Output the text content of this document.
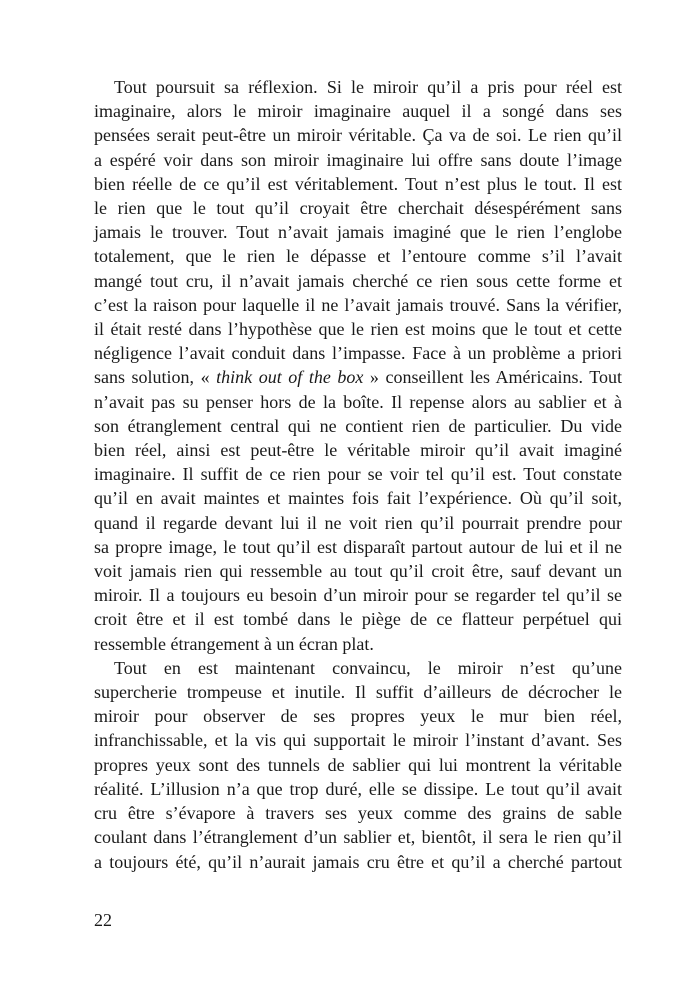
Tout poursuit sa réflexion. Si le miroir qu’il a pris pour réel est
imaginaire, alors le miroir imaginaire auquel il a songé dans ses
pensées serait peut-être un miroir véritable. Ça va de soi. Le rien qu’il
a espéré voir dans son miroir imaginaire lui offre sans doute l’image
bien réelle de ce qu’il est véritablement. Tout n’est plus le tout. Il est
le rien que le tout qu’il croyait être cherchait désespérément sans
jamais le trouver. Tout n’avait jamais imaginé que le rien l’englobe
totalement, que le rien le dépasse et l’entoure comme s’il l’avait
mangé tout cru, il n’avait jamais cherché ce rien sous cette forme et
c’est la raison pour laquelle il ne l’avait jamais trouvé. Sans la vérifier,
il était resté dans l’hypothèse que le rien est moins que le tout et cette
négligence l’avait conduit dans l’impasse. Face à un problème a priori
sans solution, « think out of the box » conseillent les Américains. Tout
n’avait pas su penser hors de la boîte. Il repense alors au sablier et à
son étranglement central qui ne contient rien de particulier. Du vide
bien réel, ainsi est peut-être le véritable miroir qu’il avait imaginé
imaginaire. Il suffit de ce rien pour se voir tel qu’il est. Tout constate
qu’il en avait maintes et maintes fois fait l’expérience. Où qu’il soit,
quand il regarde devant lui il ne voit rien qu’il pourrait prendre pour
sa propre image, le tout qu’il est disparaît partout autour de lui et il ne
voit jamais rien qui ressemble au tout qu’il croit être, sauf devant un
miroir. Il a toujours eu besoin d’un miroir pour se regarder tel qu’il se
croit être et il est tombé dans le piège de ce flatteur perpétuel qui
ressemble étrangement à un écran plat.
Tout en est maintenant convaincu, le miroir n’est qu’une
supercherie trompeuse et inutile. Il suffit d’ailleurs de décrocher le
miroir pour observer de ses propres yeux le mur bien réel,
infranchissable, et la vis qui supportait le miroir l’instant d’avant. Ses
propres yeux sont des tunnels de sablier qui lui montrent la véritable
réalité. L’illusion n’a que trop duré, elle se dissipe. Le tout qu’il avait
cru être s’évapore à travers ses yeux comme des grains de sable
coulant dans l’étranglement d’un sablier et, bientôt, il sera le rien qu’il
a toujours été, qu’il n’aurait jamais cru être et qu’il a cherché partout
22
